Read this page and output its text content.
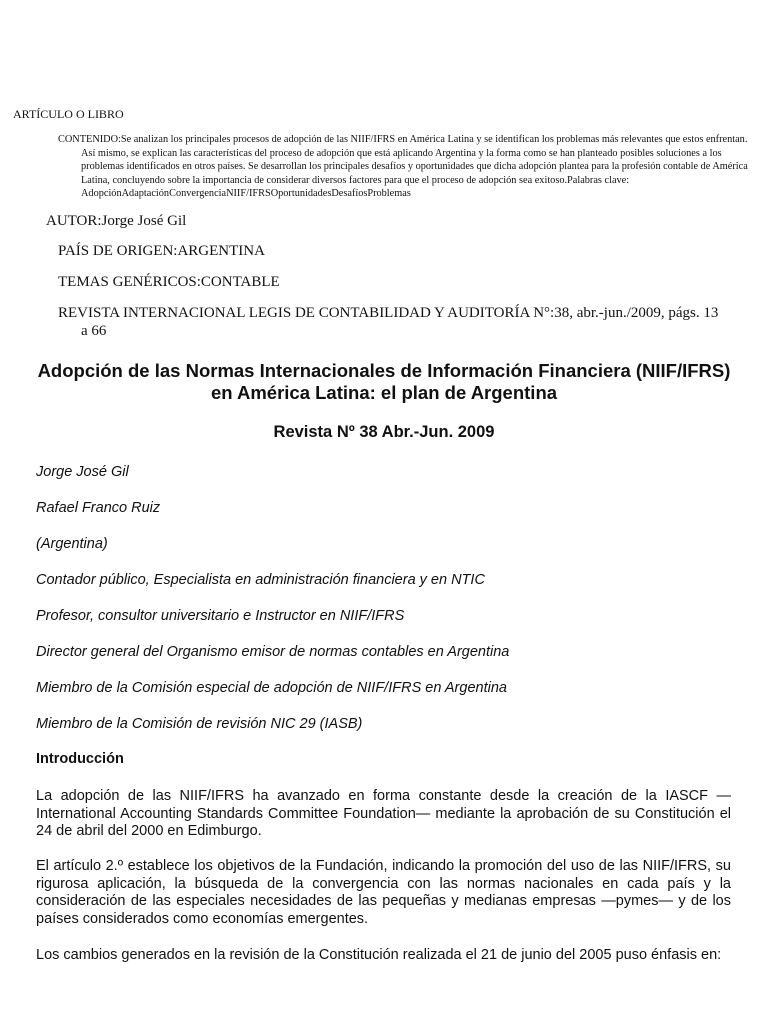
ARTÍCULO O LIBRO
CONTENIDO:Se analizan los principales procesos de adopción de las NIIF/IFRS en América Latina y se identifican los problemas más relevantes que estos enfrentan. Así mismo, se explican las características del proceso de adopción que está aplicando Argentina y la forma como se han planteado posibles soluciones a los problemas identificados en otros países. Se desarrollan los principales desafíos y oportunidades que dicha adopción plantea para la profesión contable de América Latina, concluyendo sobre la importancia de considerar diversos factores para que el proceso de adopción sea exitoso.Palabras clave: AdopciónAdaptaciónConvergenciaNIIF/IFRSOportunidadesDesafíosProblemas
AUTOR:Jorge José Gil
PAÍS DE ORIGEN:ARGENTINA
TEMAS GENÉRICOS:CONTABLE
REVISTA INTERNACIONAL LEGIS DE CONTABILIDAD Y AUDITORÍA N°:38, abr.-jun./2009, págs. 13 a 66
Adopción de las Normas Internacionales de Información Financiera (NIIF/IFRS) en América Latina: el plan de Argentina
Revista Nº 38 Abr.-Jun. 2009
Jorge José Gil
Rafael Franco Ruiz
(Argentina)
Contador público, Especialista en administración financiera y en NTIC
Profesor, consultor universitario e Instructor en NIIF/IFRS
Director general del Organismo emisor de normas contables en Argentina
Miembro de la Comisión especial de adopción de NIIF/IFRS en Argentina
Miembro de la Comisión de revisión NIC 29 (IASB)
Introducción

La adopción de las NIIF/IFRS ha avanzado en forma constante desde la creación de la IASCF —International Accounting Standards Committee Foundation— mediante la aprobación de su Constitución el 24 de abril del 2000 en Edimburgo.

El artículo 2.º establece los objetivos de la Fundación, indicando la promoción del uso de las NIIF/IFRS, su rigurosa aplicación, la búsqueda de la convergencia con las normas nacionales en cada país y la consideración de las especiales necesidades de las pequeñas y medianas empresas —pymes— y de los países considerados como economías emergentes.

Los cambios generados en la revisión de la Constitución realizada el 21 de junio del 2005 puso énfasis en:
